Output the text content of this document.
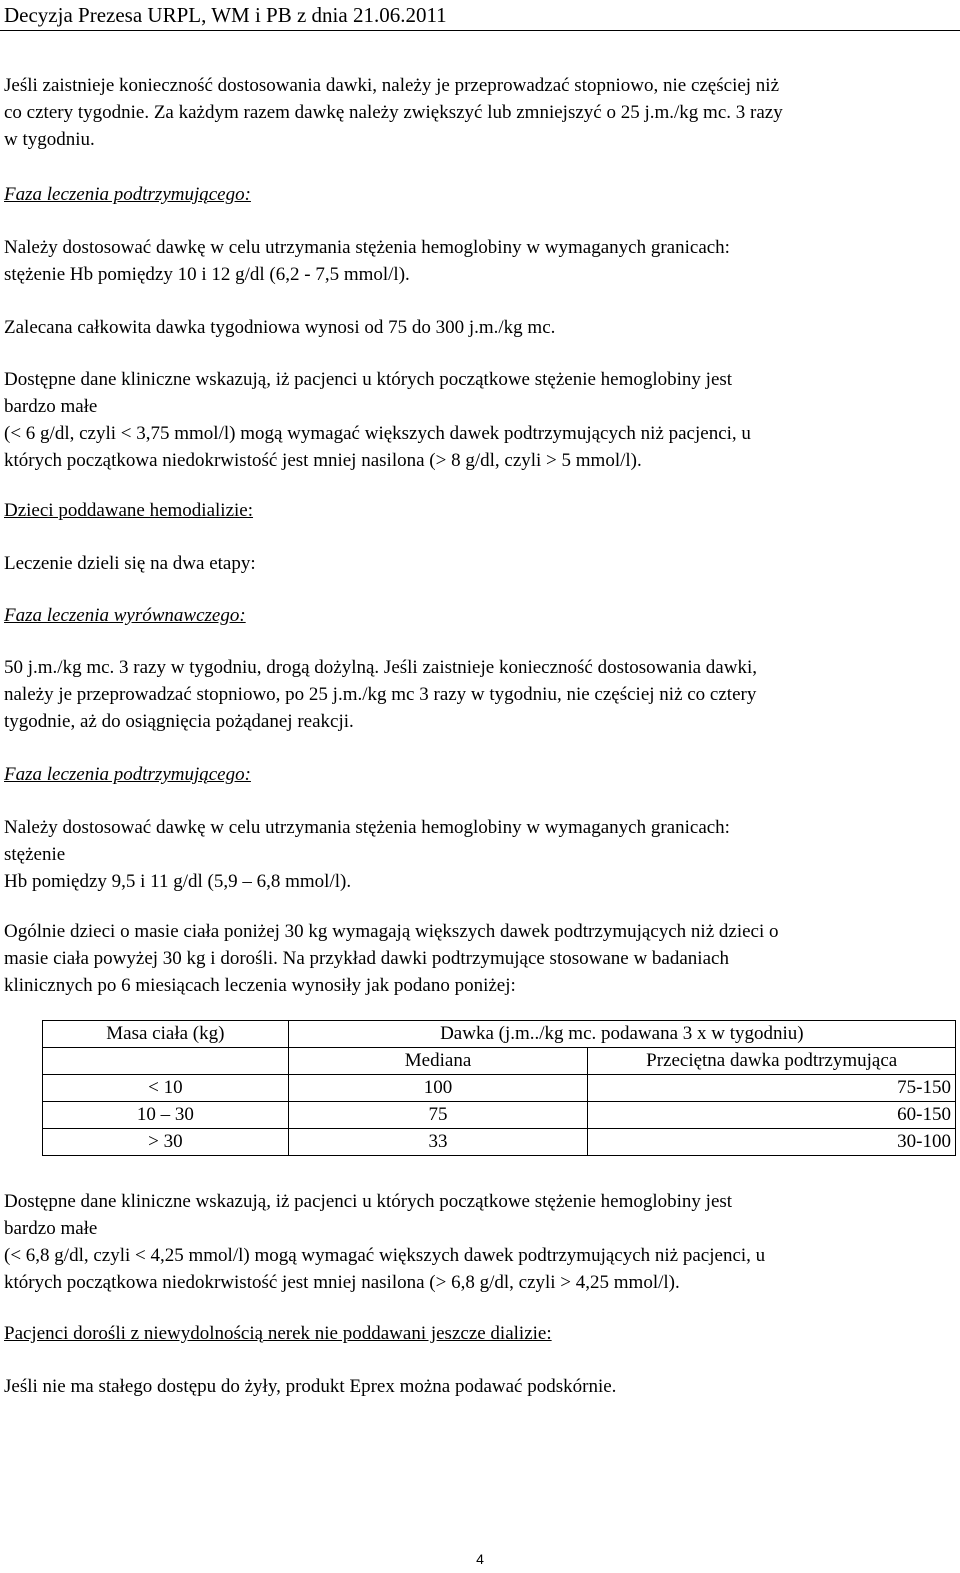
Decyzja Prezesa URPL, WM i PB z dnia 21.06.2011

Jeśli zaistnieje konieczność dostosowania dawki, należy je przeprowadzać stopniowo, nie częściej niż
co cztery tygodnie. Za każdym razem dawkę należy zwiększyć lub zmniejszyć o 25 j.m./kg mc. 3 razy
w tygodniu.

Faza leczenia podtrzymującego:

Należy dostosować dawkę w celu utrzymania stężenia hemoglobiny w wymaganych granicach:
stężenie Hb pomiędzy 10 i 12 g/dl (6,2 - 7,5 mmol/l).

Zalecana całkowita dawka tygodniowa wynosi od 75 do 300 j.m./kg mc.

Dostępne dane kliniczne wskazują, iż pacjenci u których początkowe stężenie hemoglobiny jest
bardzo małe
(< 6 g/dl, czyli < 3,75 mmol/l) mogą wymagać większych dawek podtrzymujących niż pacjenci, u
których początkowa niedokrwistość jest mniej nasilona (> 8 g/dl, czyli > 5 mmol/l).

Dzieci poddawane hemodializie:

Leczenie dzieli się na dwa etapy:

Faza leczenia wyrównawczego:

50 j.m./kg mc. 3 razy w tygodniu, drogą dożylną. Jeśli zaistnieje konieczność dostosowania dawki,
należy je przeprowadzać stopniowo, po 25 j.m./kg mc 3 razy w tygodniu, nie częściej niż co cztery
tygodnie, aż do osiągnięcia pożądanej reakcji.

Faza leczenia podtrzymującego:

Należy dostosować dawkę w celu utrzymania stężenia hemoglobiny w wymaganych granicach:
stężenie
Hb pomiędzy 9,5 i 11 g/dl (5,9 – 6,8 mmol/l).

Ogólnie dzieci o masie ciała poniżej 30 kg wymagają większych dawek podtrzymujących niż dzieci o
masie ciała powyżej 30 kg i dorośli. Na przykład dawki podtrzymujące stosowane w badaniach
klinicznych po 6 miesiącach leczenia wynosiły jak podano poniżej:

Masa ciała (kg)	Dawka (j.m../kg mc. podawana 3 x w tygodniu)	
	Mediana	Przeciętna dawka podtrzymująca
< 10	100	75-150
10 – 30	75	60-150
> 30	33	30-100

Dostępne dane kliniczne wskazują, iż pacjenci u których początkowe stężenie hemoglobiny jest
bardzo małe
(< 6,8 g/dl, czyli < 4,25 mmol/l) mogą wymagać większych dawek podtrzymujących niż pacjenci, u
których początkowa niedokrwistość jest mniej nasilona (> 6,8 g/dl, czyli > 4,25 mmol/l).

Pacjenci dorośli z niewydolnością nerek nie poddawani jeszcze dializie:

Jeśli nie ma stałego dostępu do żyły, produkt Eprex można podawać podskórnie.

4
